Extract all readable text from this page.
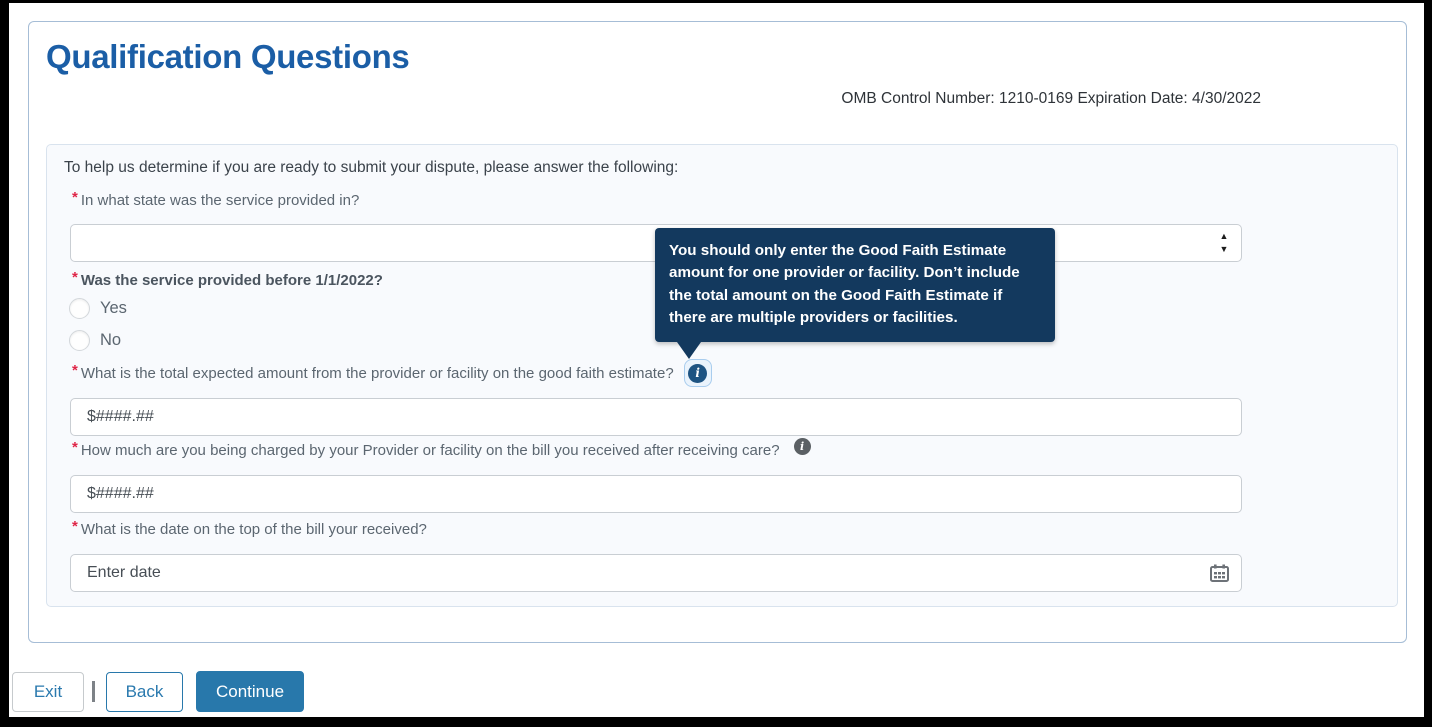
Qualification Questions
OMB Control Number: 1210-0169 Expiration Date: 4/30/2022

To help us determine if you are ready to submit your dispute, please answer the following:

* In what state was the service provided in?
▲
▼
* Was the service provided before 1/1/2022?
Yes
No
* What is the total expected amount from the provider or facility on the good faith estimate?	i
$####.##
* How much are you being charged by your Provider or facility on the bill you received after receiving care?	i
$####.##
* What is the date on the top of the bill your received?
Enter date
You should only enter the Good Faith Estimate amount for one provider or facility. Don’t include the total amount on the Good Faith Estimate if there are multiple providers or facilities.
Exit	Back	Continue
